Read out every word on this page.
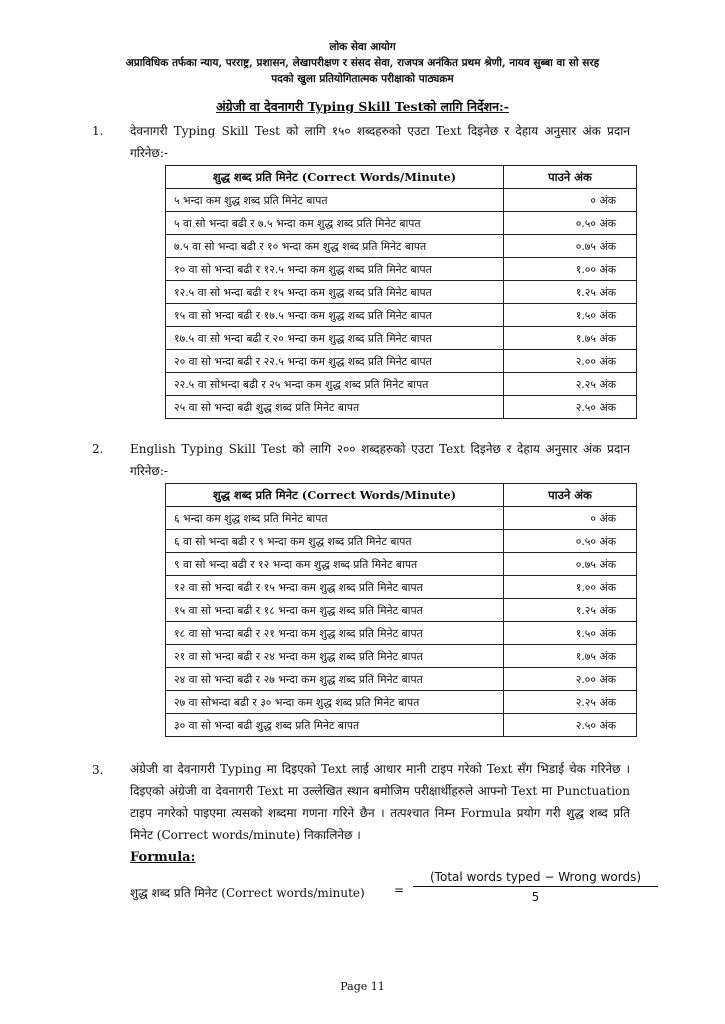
लोक सेवा आयोग
अप्राविधिक तर्फका न्याय, परराष्ट्र, प्रशासन, लेखापरीक्षण र संसद सेवा, राजपत्र अनंकित प्रथम श्रेणी, नायव सुब्बा वा सो सरह
पदको खुला प्रतियोगितात्मक परीक्षाको पाठ्यक्रम
अंग्रेजी वा देवनागरी Typing Skill Testको लागि निर्देशन:-
1. देवनागरी Typing Skill Test को लागि १५० शब्दहरुको एउटा Text दिइनेछ र देहाय अनुसार अंक प्रदान गरिनेछ:-
शुद्ध शब्द प्रति मिनेट (Correct Words/Minute)	पाउने अंक
५ भन्दा कम शुद्ध शब्द प्रति मिनेट बापत	० अंक
५ वा सो भन्दा बढी र ७.५ भन्दा कम शुद्ध शब्द प्रति मिनेट बापत	०.५० अंक
७.५ वा सो भन्दा बढी र १० भन्दा कम शुद्ध शब्द प्रति मिनेट बापत	०.७५ अंक
१० वा सो भन्दा बढी र १२.५ भन्दा कम शुद्ध शब्द प्रति मिनेट बापत	१.०० अंक
१२.५ वा सो भन्दा बढी र १५ भन्दा कम शुद्ध शब्द प्रति मिनेट बापत	१.२५ अंक
१५ वा सो भन्दा बढी र १७.५ भन्दा कम शुद्ध शब्द प्रति मिनेट बापत	१.५० अंक
१७.५ वा सो भन्दा बढी र २० भन्दा कम शुद्ध शब्द प्रति मिनेट बापत	१.७५ अंक
२० वा सो भन्दा बढी र २२.५ भन्दा कम शुद्ध शब्द प्रति मिनेट बापत	२.०० अंक
२२.५ वा सोभन्दा बढी र २५ भन्दा कम शुद्ध शब्द प्रति मिनेट बापत	२.२५ अंक
२५ वा सो भन्दा बढी शुद्ध शब्द प्रति मिनेट बापत	२.५० अंक
2. English Typing Skill Test को लागि २०० शब्दहरुको एउटा Text दिइनेछ र देहाय अनुसार अंक प्रदान गरिनेछ:-
शुद्ध शब्द प्रति मिनेट (Correct Words/Minute)	पाउने अंक
६ भन्दा कम शुद्ध शब्द प्रति मिनेट बापत	० अंक
६ वा सो भन्दा बढी र ९ भन्दा कम शुद्ध शब्द प्रति मिनेट बापत	०.५० अंक
९ वा सो भन्दा बढी र १२ भन्दा कम शुद्ध शब्द प्रति मिनेट बापत	०.७५ अंक
१२ वा सो भन्दा बढी र १५ भन्दा कम शुद्ध शब्द प्रति मिनेट बापत	१.०० अंक
१५ वा सो भन्दा बढी र १८ भन्दा कम शुद्ध शब्द प्रति मिनेट बापत	१.२५ अंक
१८ वा सो भन्दा बढी र २१ भन्दा कम शुद्ध शब्द प्रति मिनेट बापत	१.५० अंक
२१ वा सो भन्दा बढी र २४ भन्दा कम शुद्ध शब्द प्रति मिनेट बापत	१.७५ अंक
२४ वा सो भन्दा बढी र २७ भन्दा कम शुद्ध शब्द प्रति मिनेट बापत	२.०० अंक
२७ वा सोभन्दा बढी र ३० भन्दा कम शुद्ध शब्द प्रति मिनेट बापत	२.२५ अंक
३० वा सो भन्दा बढी शुद्ध शब्द प्रति मिनेट बापत	२.५० अंक
3. अंग्रेजी वा देवनागरी Typing मा दिइएको Text लाई आधार मानी टाइप गरेको Text सँग भिडाई चेक गरिनेछ । दिइएको अंग्रेजी वा देवनागरी Text मा उल्लेखित स्थान बमोजिम परीक्षार्थीहरुले आफ्नो Text मा Punctuation टाइप नगरेको पाइएमा त्यसको शब्दमा गणना गरिने छैन । तत्पश्चात निम्न Formula प्रयोग गरी शुद्ध शब्द प्रति मिनेट (Correct words/minute) निकालिनेछ ।
Formula:
शुद्ध शब्द प्रति मिनेट (Correct words/minute) =
(Total words typed − Wrong words)
5
Page 11
